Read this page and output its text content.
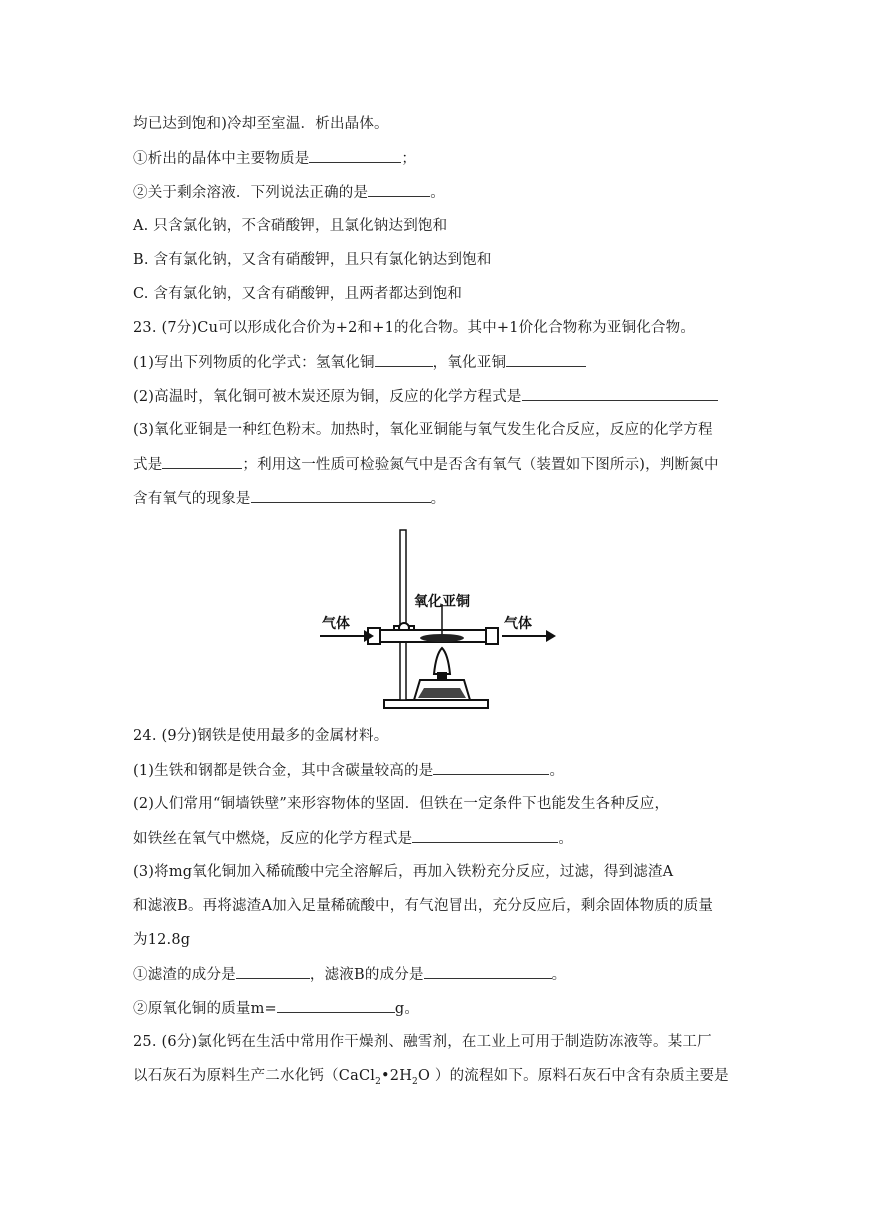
均已达到饱和)冷却至室温．析出晶体。
①析出的晶体中主要物质是	；
②关于剩余溶液．下列说法正确的是	。
A. 只含氯化钠，不含硝酸钾，且氯化钠达到饱和
B. 含有氯化钠，又含有硝酸钾，且只有氯化钠达到饱和
C. 含有氯化钠，又含有硝酸钾，且两者都达到饱和
23. (7分)Cu可以形成化合价为+2和+1的化合物。其中+1价化合物称为亚铜化合物。
(1)写出下列物质的化学式：氢氧化铜	，氧化亚铜
(2)高温时，氧化铜可被木炭还原为铜，反应的化学方程式是
(3)氧化亚铜是一种红色粉末。加热时，氧化亚铜能与氧气发生化合反应，反应的化学方程
式是	；利用这一性质可检验氮气中是否含有氧气（装置如下图所示)，判断氮中
含有氧气的现象是	。
氧化亚铜
气体	气体
24. (9分)钢铁是使用最多的金属材料。
(1)生铁和钢都是铁合金，其中含碳量较高的是	。
(2)人们常用“铜墙铁壁”来形容物体的坚固．但铁在一定条件下也能发生各种反应，
如铁丝在氧气中燃烧，反应的化学方程式是	。
(3)将mg氧化铜加入稀硫酸中完全溶解后，再加入铁粉充分反应，过滤，得到滤渣A
和滤液B。再将滤渣A加入足量稀硫酸中，有气泡冒出，充分反应后，剩余固体物质的质量
为12.8g
①滤渣的成分是	，滤液B的成分是	。
②原氧化铜的质量m=	g。
25. (6分)氯化钙在生活中常用作干燥剂、融雪剂，在工业上可用于制造防冻液等。某工厂
以石灰石为原料生产二水化钙（$CaCl_2•2H_2O$ ）的流程如下。原料石灰石中含有杂质主要是
